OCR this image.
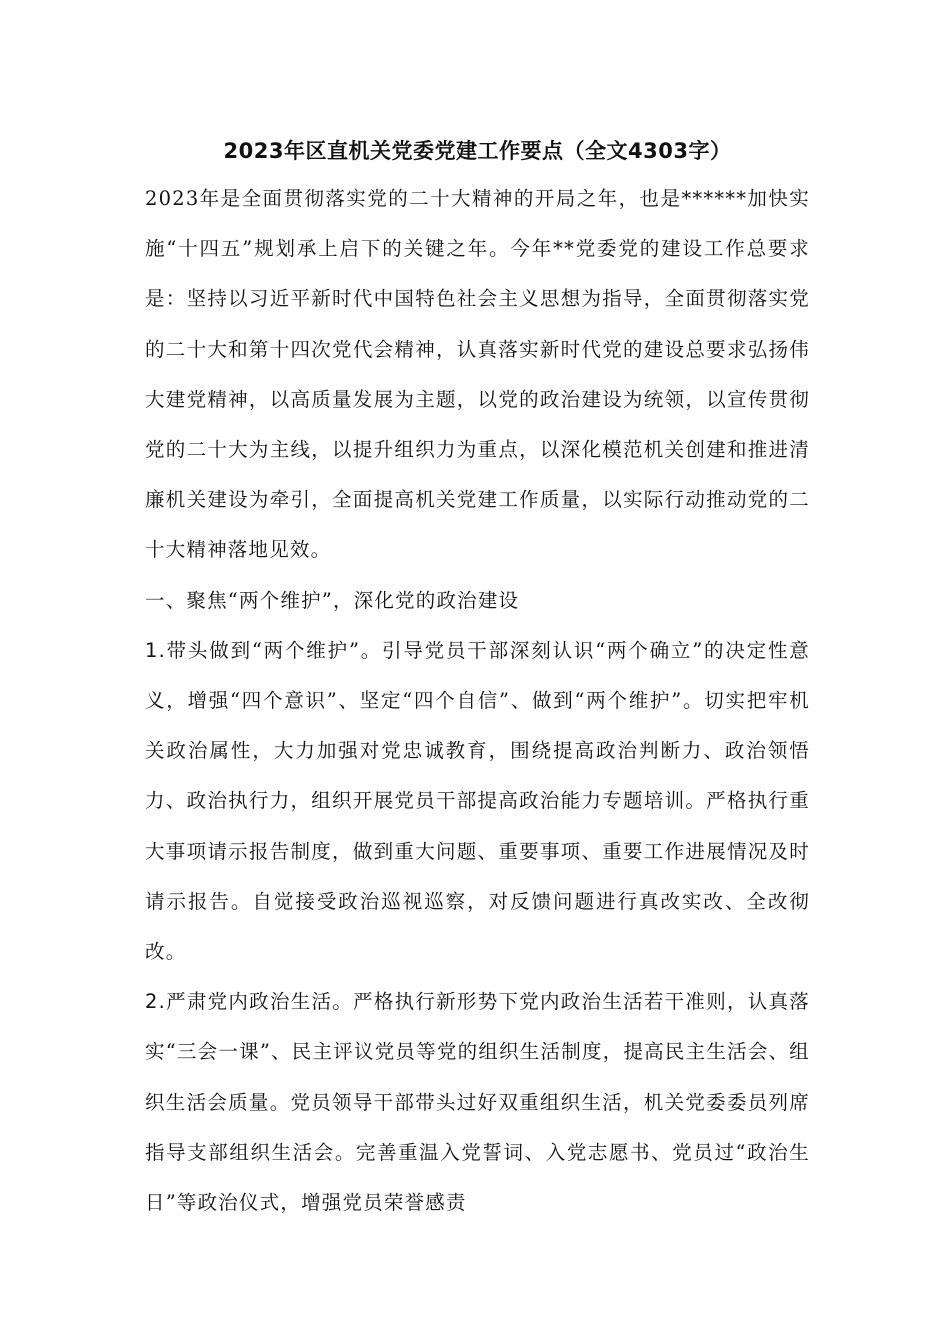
2023年区直机关党委党建工作要点（全文4303字）

2023年是全面贯彻落实党的二十大精神的开局之年，也是******加快实施“十四五”规划承上启下的关键之年。今年**党委党的建设工作总要求是：坚持以习近平新时代中国特色社会主义思想为指导，全面贯彻落实党的二十大和第十四次党代会精神，认真落实新时代党的建设总要求弘扬伟大建党精神，以高质量发展为主题，以党的政治建设为统领，以宣传贯彻党的二十大为主线，以提升组织力为重点，以深化模范机关创建和推进清廉机关建设为牵引，全面提高机关党建工作质量，以实际行动推动党的二十大精神落地见效。

一、聚焦“两个维护”，深化党的政治建设

1.带头做到“两个维护”。引导党员干部深刻认识“两个确立”的决定性意义，增强“四个意识”、坚定“四个自信”、做到“两个维护”。切实把牢机关政治属性，大力加强对党忠诚教育，围绕提高政治判断力、政治领悟力、政治执行力，组织开展党员干部提高政治能力专题培训。严格执行重大事项请示报告制度，做到重大问题、重要事项、重要工作进展情况及时请示报告。自觉接受政治巡视巡察，对反馈问题进行真改实改、全改彻改。

2.严肃党内政治生活。严格执行新形势下党内政治生活若干准则，认真落实“三会一课”、民主评议党员等党的组织生活制度，提高民主生活会、组织生活会质量。党员领导干部带头过好双重组织生活，机关党委委员列席指导支部组织生活会。完善重温入党誓词、入党志愿书、党员过“政治生日”等政治仪式，增强党员荣誉感责
